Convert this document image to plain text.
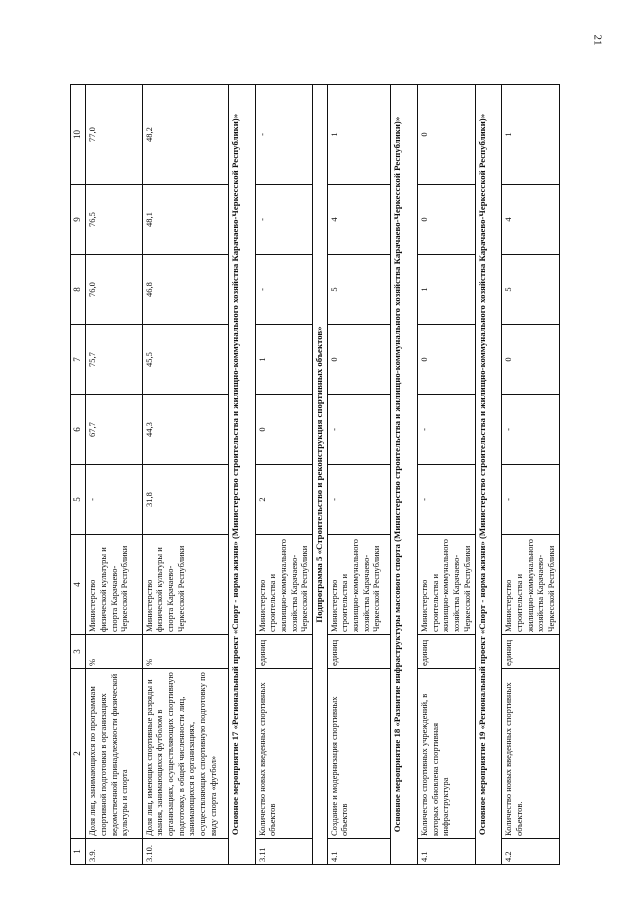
21
1	2	3	4	5	6	7	8	9	10
3.9.	Доля лиц, занимающихся по программам спортивной подготовки в организациях ведомственной принадлежности физической культуры и спорта	%	Министерство физической культуры и спорта Карачаево-Черкесской Республики	-	67,7	75,7	76,0	76,5	77,0
3.10.	Доля лиц, имеющих спортивные разряды и звания, занимающихся футболом в организациях, осуществляющих спортивную подготовку, в общей численности лиц, занимающихся в организациях, осуществляющих спортивную подготовку по виду спорта «футбол»	%	Министерство физической культуры и спорта Карачаево-Черкесской Республики	31,8	44,3	45,5	46,8	48,1	48,2
Основное мероприятие 17 «Региональный проект «Спорт - норма жизни» (Министерство строительства и жилищно-коммунального хозяйства Карачаево-Черкесской Республики)»									
3.11	Количество новых введенных спортивных объектов	единиц	Министерство строительства и жилищно-коммунального хозяйства Карачаево-Черкесской Республики	2	0	1	-	-	-
Подпрограмма 5 «Строительство и реконструкция спортивных объектов»									
4.1	Создание и модернизация спортивных объектов	единиц	Министерство строительства и жилищно-коммунального хозяйства Карачаево-Черкесской Республики	-	-	0	5	4	1
Основное мероприятие 18 «Развитие инфраструктуры массового спорта (Министерство строительства и жилищно-коммунального хозяйства Карачаево-Черкесской Республики)»									
4.1	Количество спортивных учреждений, в которых обновлена спортивная инфраструктура	единиц	Министерство строительства и жилищно-коммунального хозяйства Карачаево-Черкесской Республики	-	-	0	1	0	0
Основное мероприятие 19 «Региональный проект «Спорт - норма жизни» (Министерство строительства и жилищно-коммунального хозяйства Карачаево-Черкесской Республики)»									
4.2	Количество новых введенных спортивных объектов.	единиц	Министерство строительства и жилищно-коммунального хозяйства Карачаево-Черкесской Республики	-	-	0	5	4	1
